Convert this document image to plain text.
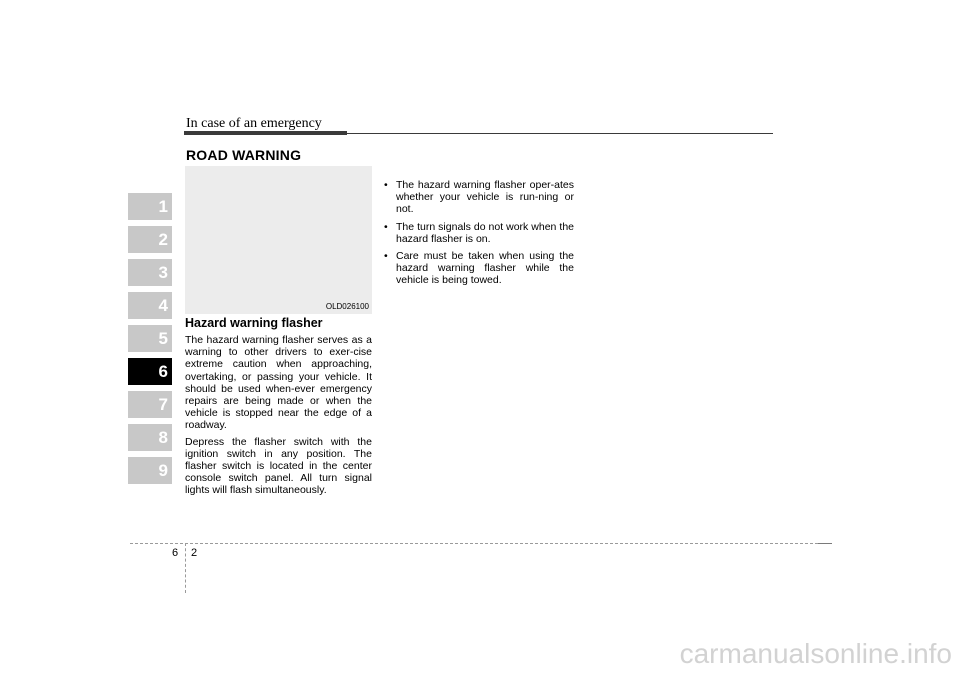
In case of an emergency
ROAD WARNING
1
2
3
4
5
6
7
8
9
OLD026100
Hazard warning flasher

The hazard warning flasher serves as a warning to other drivers to exer-cise extreme caution when approaching, overtaking, or passing your vehicle. It should be used when-ever emergency repairs are being made or when the vehicle is stopped near the edge of a roadway.

Depress the flasher switch with the ignition switch in any position. The flasher switch is located in the center console switch panel. All turn signal lights will flash simultaneously.

• The hazard warning flasher oper-ates whether your vehicle is run-ning or not.
• The turn signals do not work when the hazard flasher is on.
• Care must be taken when using the hazard warning flasher while the vehicle is being towed.
6 2
carmanualsonline.info
